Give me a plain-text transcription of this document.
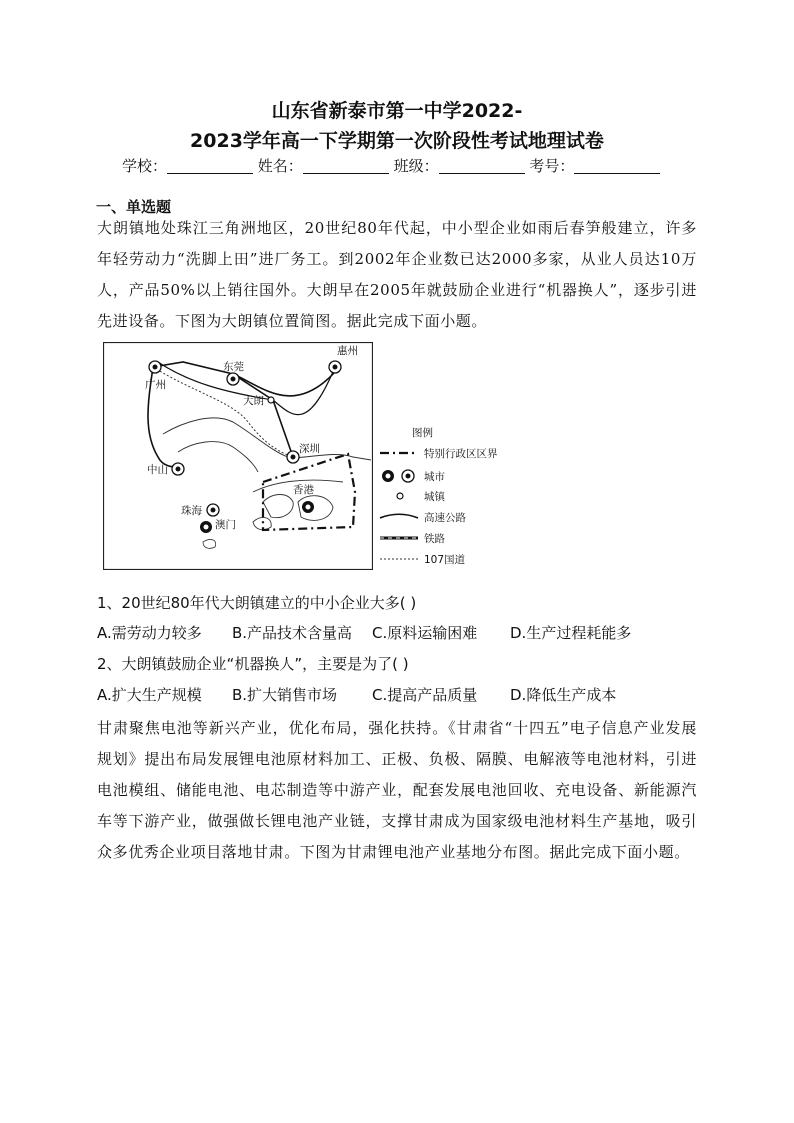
山东省新泰市第一中学2022-
2023学年高一下学期第一次阶段性考试地理试卷
学校：	姓名：	班级：	考号：
一、单选题
大朗镇地处珠江三角洲地区，20世纪80年代起，中小型企业如雨后春笋般建立，许多年轻劳动力“洗脚上田”进厂务工。到2002年企业数已达2000多家，从业人员达10万人，产品50%以上销往国外。大朗早在2005年就鼓励企业进行“机器换人”，逐步引进先进设备。下图为大朗镇位置简图。据此完成下面小题。
广州
东莞
惠州
大朗
深圳
中山
香港
珠海
澳门
图例
特别行政区区界
城市
城镇
高速公路
铁路
107国道
1、20世纪80年代大朗镇建立的中小企业大多( )
A.需劳动力较多 B.产品技术含量高 C.原料运输困难 D.生产过程耗能多
2、大朗镇鼓励企业“机器换人”，主要是为了( )
A.扩大生产规模 B.扩大销售市场 C.提高产品质量 D.降低生产成本
甘肃聚焦电池等新兴产业，优化布局，强化扶持。《甘肃省“十四五”电子信息产业发展规划》提出布局发展锂电池原材料加工、正极、负极、隔膜、电解液等电池材料，引进电池模组、储能电池、电芯制造等中游产业，配套发展电池回收、充电设备、新能源汽车等下游产业，做强做长锂电池产业链，支撑甘肃成为国家级电池材料生产基地，吸引众多优秀企业项目落地甘肃。下图为甘肃锂电池产业基地分布图。据此完成下面小题。
